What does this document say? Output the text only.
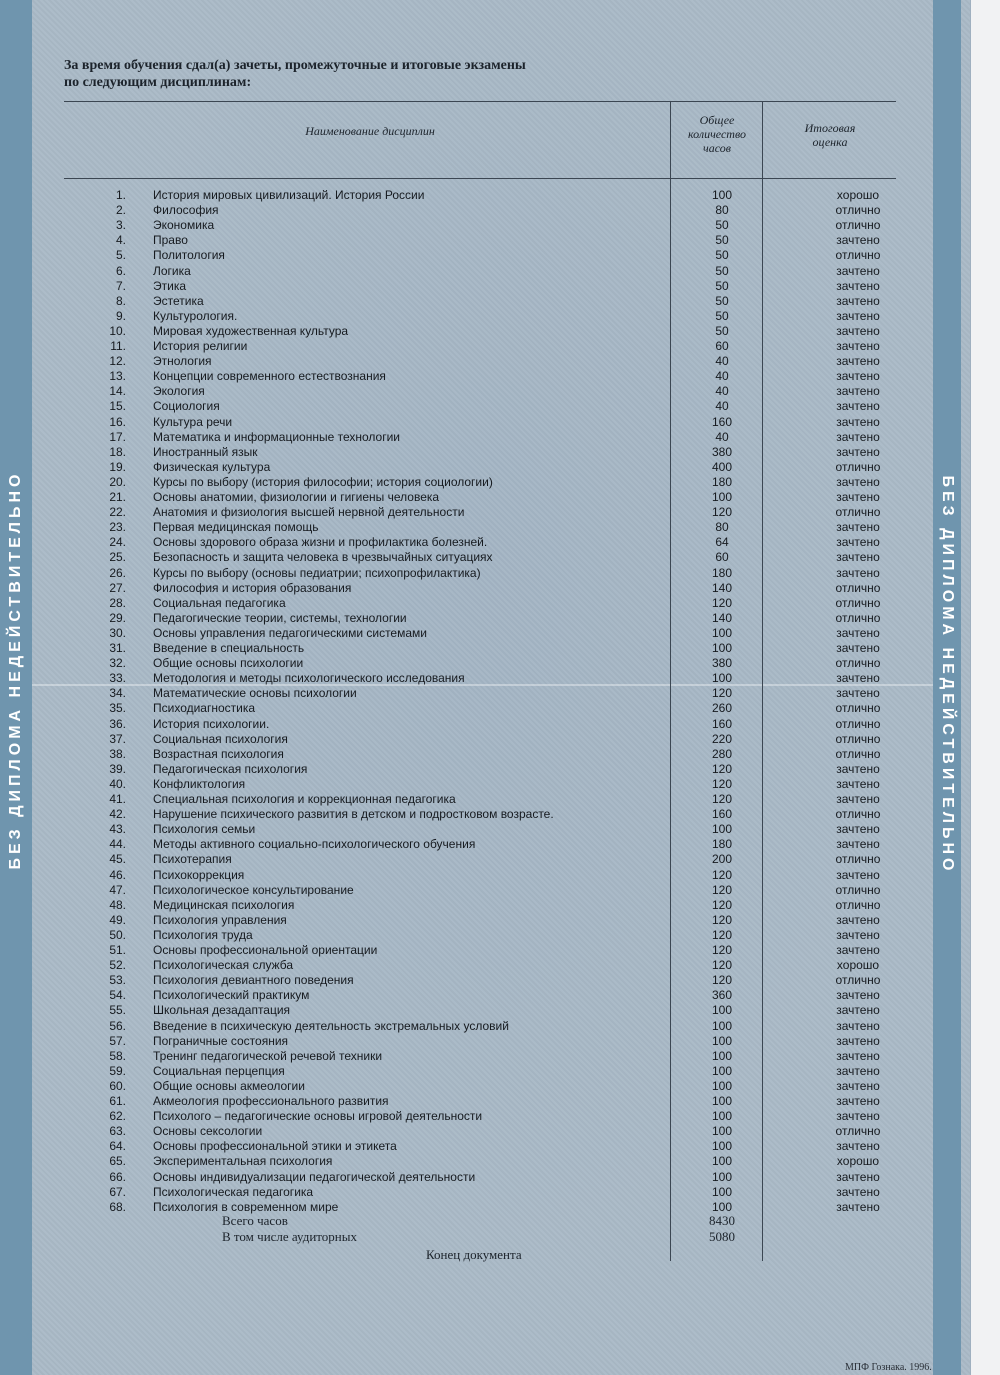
БЕЗ ДИПЛОМА НЕДЕЙСТВИТЕЛЬНО	БЕЗ ДИПЛОМА НЕДЕЙСТВИТЕЛЬНО
За время обучения сдал(а) зачеты, промежуточные и итоговые экзамены
по следующим дисциплинам:
Наименование дисциплин
Общее количество часов
Итоговая оценка
1. История мировых цивилизаций. История России	100	хорошо
2. Философия	80	отлично
3. Экономика	50	отлично
4. Право	50	зачтено
5. Политология	50	отлично
6. Логика	50	зачтено
7. Этика	50	зачтено
8. Эстетика	50	зачтено
9. Культурология.	50	зачтено
10. Мировая художественная культура	50	зачтено
11. История религии	60	зачтено
12. Этнология	40	зачтено
13. Концепции современного естествознания	40	зачтено
14. Экология	40	зачтено
15. Социология	40	зачтено
16. Культура речи	160	зачтено
17. Математика и информационные технологии	40	зачтено
18. Иностранный язык	380	зачтено
19. Физическая культура	400	отлично
20. Курсы по выбору (история философии; история социологии)	180	зачтено
21. Основы анатомии, физиологии и гигиены человека	100	зачтено
22. Анатомия и физиология высшей нервной деятельности	120	отлично
23. Первая медицинская помощь	80	зачтено
24. Основы здорового образа жизни и профилактика болезней.	64	зачтено
25. Безопасность и защита человека в чрезвычайных ситуациях	60	зачтено
26. Курсы по выбору (основы педиатрии; психопрофилактика)	180	зачтено
27. Философия и история образования	140	отлично
28. Социальная педагогика	120	отлично
29. Педагогические теории, системы, технологии	140	отлично
30. Основы управления педагогическими системами	100	зачтено
31. Введение в специальность	100	зачтено
32. Общие основы психологии	380	отлично
33. Методология и методы психологического исследования	100	зачтено
34. Математические основы психологии	120	зачтено
35. Психодиагностика	260	отлично
36. История психологии.	160	отлично
37. Социальная психология	220	отлично
38. Возрастная психология	280	отлично
39. Педагогическая психология	120	зачтено
40. Конфликтология	120	зачтено
41. Специальная психология и коррекционная педагогика	120	зачтено
42. Нарушение психического развития в детском и подростковом возрасте.	160	отлично
43. Психология семьи	100	зачтено
44. Методы активного социально-психологического обучения	180	зачтено
45. Психотерапия	200	отлично
46. Психокоррекция	120	зачтено
47. Психологическое консультирование	120	отлично
48. Медицинская психология	120	отлично
49. Психология управления	120	зачтено
50. Психология труда	120	зачтено
51. Основы профессиональной ориентации	120	зачтено
52. Психологическая служба	120	хорошо
53. Психология девиантного поведения	120	отлично
54. Психологический практикум	360	зачтено
55. Школьная дезадаптация	100	зачтено
56. Введение в психическую деятельность экстремальных условий	100	зачтено
57. Пограничные состояния	100	зачтено
58. Тренинг педагогической речевой техники	100	зачтено
59. Социальная перцепция	100	зачтено
60. Общие основы акмеологии	100	зачтено
61. Акмеология профессионального развития	100	зачтено
62. Психолого – педагогические основы игровой деятельности	100	зачтено
63. Основы сексологии	100	отлично
64. Основы профессиональной этики и этикета	100	зачтено
65. Экспериментальная психология	100	хорошо
66. Основы индивидуализации педагогической деятельности	100	зачтено
67. Психологическая педагогика	100	зачтено
68. Психология в современном мире	100	зачтено
Всего часов	8430
В том числе аудиторных	5080
Конец документа
МПФ Гознака. 1996.
